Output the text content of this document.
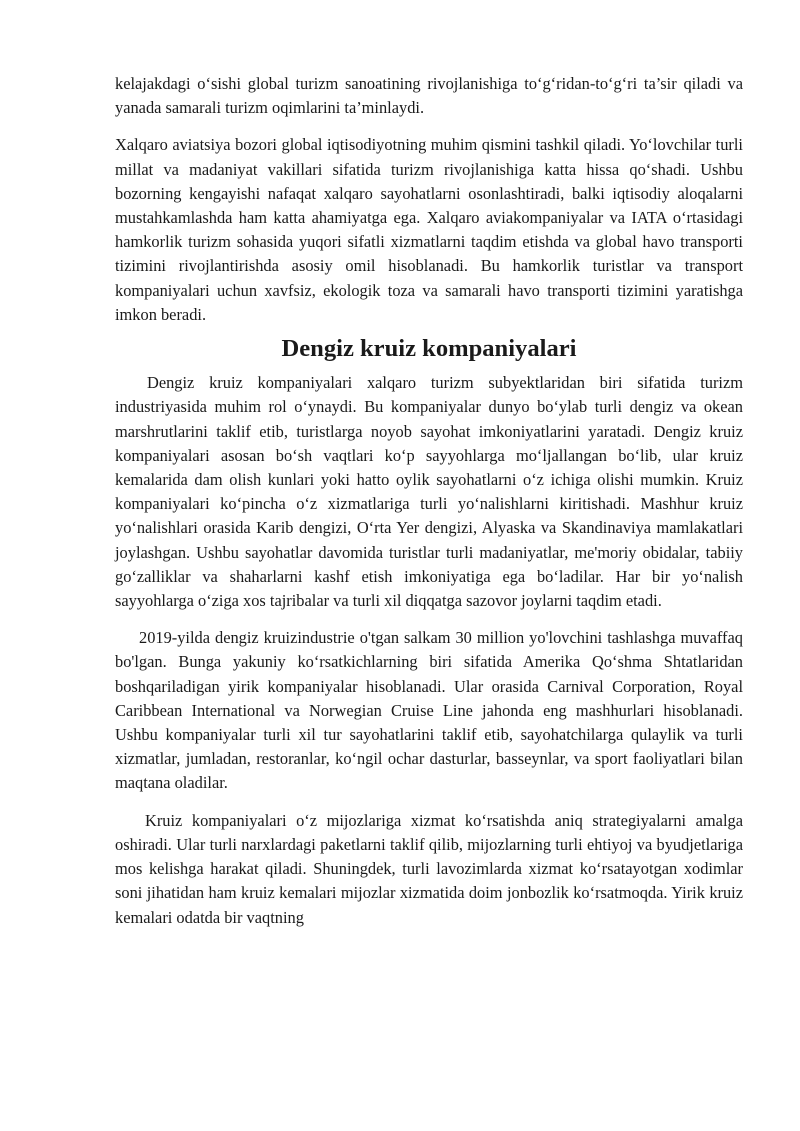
kelajakdagi o‘sishi global turizm sanoatining rivojlanishiga to‘g‘ridan-to‘g‘ri ta’sir qiladi va yanada samarali turizm oqimlarini ta’minlaydi.

Xalqaro aviatsiya bozori global iqtisodiyotning muhim qismini tashkil qiladi. Yo‘lovchilar turli millat va madaniyat vakillari sifatida turizm rivojlanishiga katta hissa qo‘shadi. Ushbu bozorning kengayishi nafaqat xalqaro sayohatlarni osonlashtiradi, balki iqtisodiy aloqalarni mustahkamlashda ham katta ahamiyatga ega. Xalqaro aviakompaniyalar va IATA o‘rtasidagi hamkorlik turizm sohasida yuqori sifatli xizmatlarni taqdim etishda va global havo transporti tizimini rivojlantirishda asosiy omil hisoblanadi. Bu hamkorlik turistlar va transport kompaniyalari uchun xavfsiz, ekologik toza va samarali havo transporti tizimini yaratishga imkon beradi.

Dengiz kruiz kompaniyalari

Dengiz kruiz kompaniyalari xalqaro turizm subyektlaridan biri sifatida turizm industriyasida muhim rol o‘ynaydi. Bu kompaniyalar dunyo bo‘ylab turli dengiz va okean marshrutlarini taklif etib, turistlarga noyob sayohat imkoniyatlarini yaratadi. Dengiz kruiz kompaniyalari asosan bo‘sh vaqtlari ko‘p sayyohlarga mo‘ljallangan bo‘lib, ular kruiz kemalarida dam olish kunlari yoki hatto oylik sayohatlarni o‘z ichiga olishi mumkin. Kruiz kompaniyalari ko‘pincha o‘z xizmatlariga turli yo‘nalishlarni kiritishadi. Mashhur kruiz yo‘nalishlari orasida Karib dengizi, O‘rta Yer dengizi, Alyaska va Skandinaviya mamlakatlari joylashgan. Ushbu sayohatlar davomida turistlar turli madaniyatlar, me'moriy obidalar, tabiiy go‘zalliklar va shaharlarni kashf etish imkoniyatiga ega bo‘ladilar. Har bir yo‘nalish sayyohlarga o‘ziga xos tajribalar va turli xil diqqatga sazovor joylarni taqdim etadi.

2019-yilda dengiz kruizindustrie o'tgan salkam 30 million yo'lovchini tashlashga muvaffaq bo'lgan. Bunga yakuniy ko‘rsatkichlarning biri sifatida Amerika Qo‘shma Shtatlaridan boshqariladigan yirik kompaniyalar hisoblanadi. Ular orasida Carnival Corporation, Royal Caribbean International va Norwegian Cruise Line jahonda eng mashhurlari hisoblanadi. Ushbu kompaniyalar turli xil tur sayohatlarini taklif etib, sayohatchilarga qulaylik va turli xizmatlar, jumladan, restoranlar, ko‘ngil ochar dasturlar, basseynlar, va sport faoliyatlari bilan maqtana oladilar.

Kruiz kompaniyalari o‘z mijozlariga xizmat ko‘rsatishda aniq strategiyalarni amalga oshiradi. Ular turli narxlardagi paketlarni taklif qilib, mijozlarning turli ehtiyoj va byudjetlariga mos kelishga harakat qiladi. Shuningdek, turli lavozimlarda xizmat ko‘rsatayotgan xodimlar soni jihatidan ham kruiz kemalari mijozlar xizmatida doim jonbozlik ko‘rsatmoqda. Yirik kruiz kemalari odatda bir vaqtning
